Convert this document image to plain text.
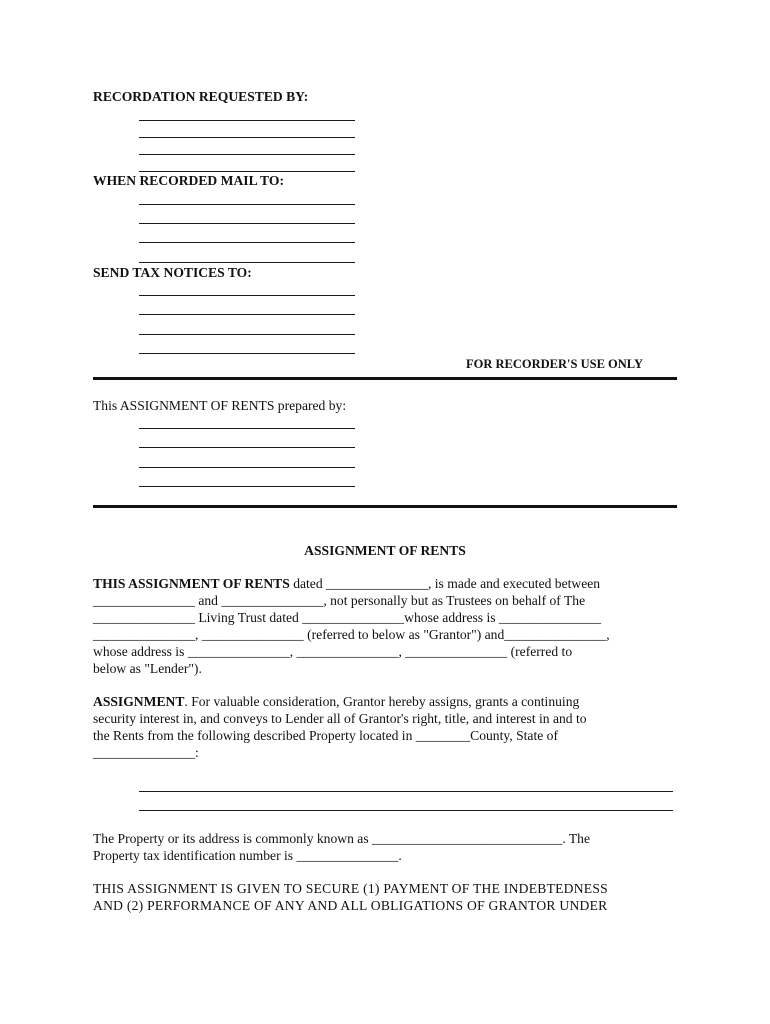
RECORDATION REQUESTED BY:
WHEN RECORDED MAIL TO:
SEND TAX NOTICES TO:
FOR RECORDER'S USE ONLY
This ASSIGNMENT OF RENTS prepared by:
ASSIGNMENT OF RENTS
THIS ASSIGNMENT OF RENTS dated _______________, is made and executed between
_______________ and _______________, not personally but as Trustees on behalf of The
_______________ Living Trust dated _______________whose address is _______________
_______________, _______________ (referred to below as "Grantor") and_______________,
whose address is _______________, _______________, _______________ (referred to
below as "Lender").
ASSIGNMENT. For valuable consideration, Grantor hereby assigns, grants a continuing
security interest in, and conveys to Lender all of Grantor's right, title, and interest in and to
the Rents from the following described Property located in ________County, State of
_______________:
The Property or its address is commonly known as ____________________________. The
Property tax identification number is _______________.
THIS ASSIGNMENT IS GIVEN TO SECURE (1) PAYMENT OF THE INDEBTEDNESS
AND (2) PERFORMANCE OF ANY AND ALL OBLIGATIONS OF GRANTOR UNDER
